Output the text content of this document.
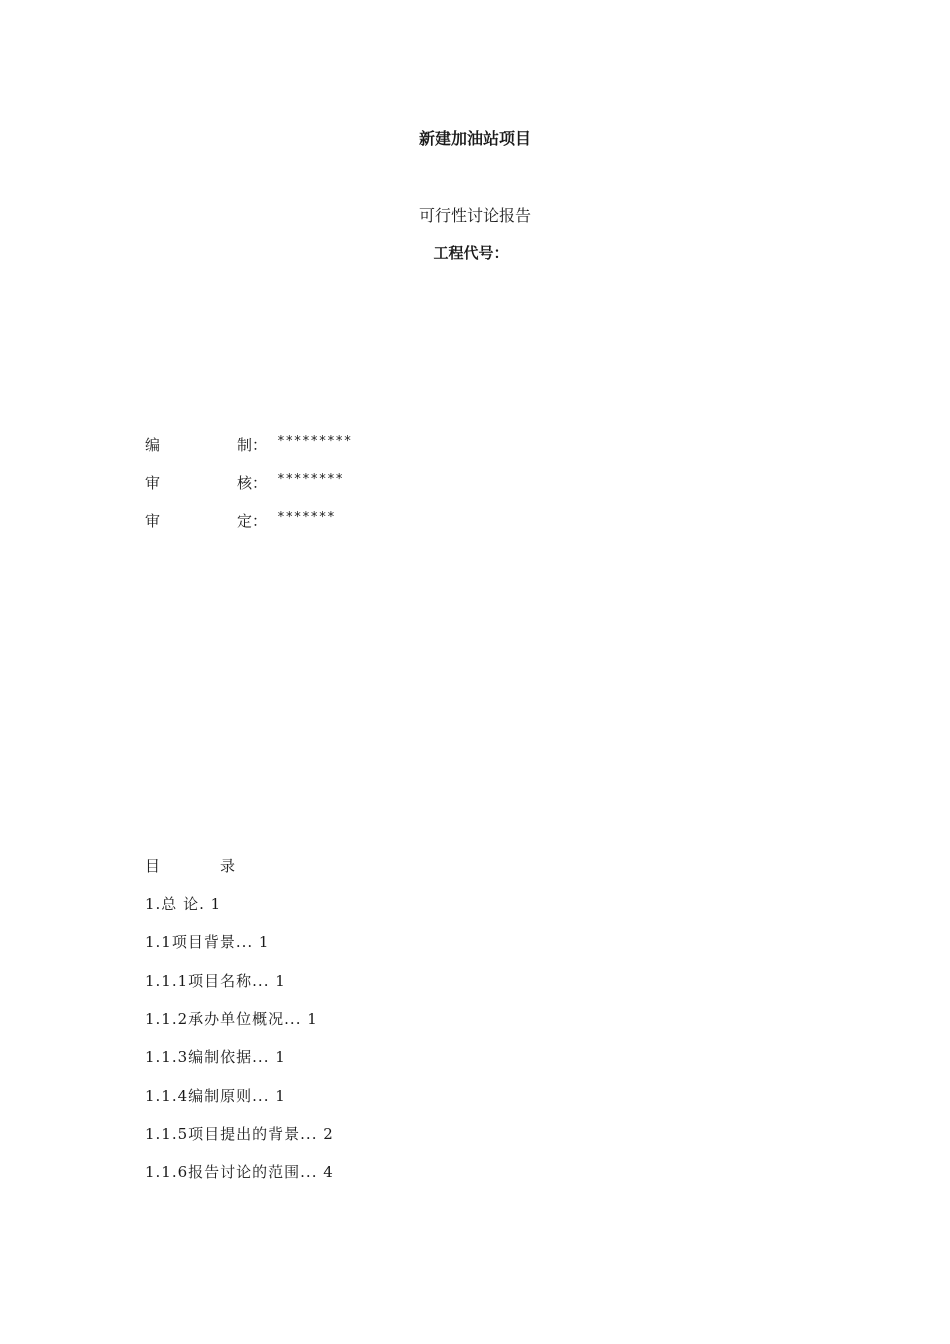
新建加油站项目
可行性讨论报告
工程代号：
编	制： *********
审	核： ********
审	定： *******
目	录
1.总 论. 1
1.1项目背景... 1
1.1.1项目名称... 1
1.1.2承办单位概况... 1
1.1.3编制依据... 1
1.1.4编制原则... 1
1.1.5项目提出的背景... 2
1.1.6报告讨论的范围... 4
